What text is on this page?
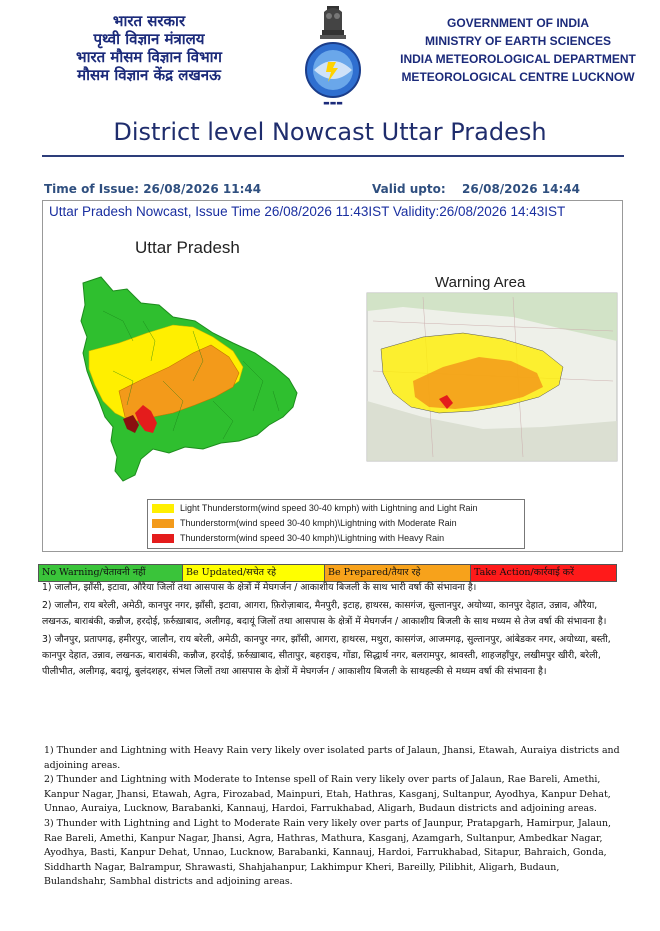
भारत सरकार
पृथ्वी विज्ञान मंत्रालय
भारत मौसम विज्ञान विभाग
मौसम विज्ञान केंद्र लखनऊ
▬▬▬
GOVERNMENT OF INDIA
MINISTRY OF EARTH SCIENCES
INDIA METEOROLOGICAL DEPARTMENT
METEOROLOGICAL CENTRE LUCKNOW
District level Nowcast Uttar Pradesh
Time of Issue: 26/08/2026 11:44	Valid upto: 26/08/2026 14:44
Uttar Pradesh Nowcast, Issue Time 26/08/2026 11:43IST Validity:26/08/2026 14:43IST
Uttar Pradesh
Warning Area
Light Thunderstorm(wind speed 30-40 kmph) with Lightning and Light Rain
Thunderstorm(wind speed 30-40 kmph)\Lightning with Moderate Rain
Thunderstorm(wind speed 30-40 kmph)\Lightning with Heavy Rain
No Warning/चेतावनी नहीं	Be Updated/सचेत रहे	Be Prepared/तैयार रहे	Take Action/कार्रवाई करें

1) जालौन, झाँसी, इटावा, औरैया जिलों तथा आसपास के क्षेत्रों में मेघगर्जन / आकाशीय बिजली के साथ भारी वर्षा की संभावना है।

2) जालौन, राय बरेली, अमेठी, कानपुर नगर, झाँसी, इटावा, आगरा, फ़िरोज़ाबाद, मैनपुरी, इटाह, हाथरस, कासगंज, सुल्तानपुर, अयोध्या, कानपुर देहात, उन्नाव, औरैया, लखनऊ, बाराबंकी, कन्नौज, हरदोई, फ़र्रुख़ाबाद, अलीगढ़, बदायूं जिलों तथा आसपास के क्षेत्रों में मेघगर्जन / आकाशीय बिजली के साथ मध्यम से तेज वर्षा की संभावना है।

3) जौनपुर, प्रतापगढ़, हमीरपुर, जालौन, राय बरेली, अमेठी, कानपुर नगर, झाँसी, आगरा, हाथरस, मथुरा, कासगंज, आजमगढ़, सुल्तानपुर, आंबेडकर नगर, अयोध्या, बस्ती, कानपुर देहात, उन्नाव, लखनऊ, बाराबंकी, कन्नौज, हरदोई, फ़र्रुख़ाबाद, सीतापुर, बहराइच, गोंडा, सिद्धार्थ नगर, बलरामपुर, श्रावस्ती, शाहजहाँपुर, लखीमपुर खीरी, बरेली, पीलीभीत, अलीगढ़, बदायूं, बुलंदशहर, संभल जिलों तथा आसपास के क्षेत्रों में मेघगर्जन / आकाशीय बिजली के साथहल्की से मध्यम वर्षा की संभावना है।

1) Thunder and Lightning with Heavy Rain very likely over isolated parts of Jalaun, Jhansi, Etawah, Auraiya districts and adjoining areas.

2) Thunder and Lightning with Moderate to Intense spell of Rain very likely over parts of Jalaun, Rae Bareli, Amethi, Kanpur Nagar, Jhansi, Etawah, Agra, Firozabad, Mainpuri, Etah, Hathras, Kasganj, Sultanpur, Ayodhya, Kanpur Dehat, Unnao, Auraiya, Lucknow, Barabanki, Kannauj, Hardoi, Farrukhabad, Aligarh, Budaun districts and adjoining areas.

3) Thunder with Lightning and Light to Moderate Rain very likely over parts of Jaunpur, Pratapgarh, Hamirpur, Jalaun, Rae Bareli, Amethi, Kanpur Nagar, Jhansi, Agra, Hathras, Mathura, Kasganj, Azamgarh, Sultanpur, Ambedkar Nagar, Ayodhya, Basti, Kanpur Dehat, Unnao, Lucknow, Barabanki, Kannauj, Hardoi, Farrukhabad, Sitapur, Bahraich, Gonda, Siddharth Nagar, Balrampur, Shrawasti, Shahjahanpur, Lakhimpur Kheri, Bareilly, Pilibhit, Aligarh, Budaun, Bulandshahr, Sambhal districts and adjoining areas.
